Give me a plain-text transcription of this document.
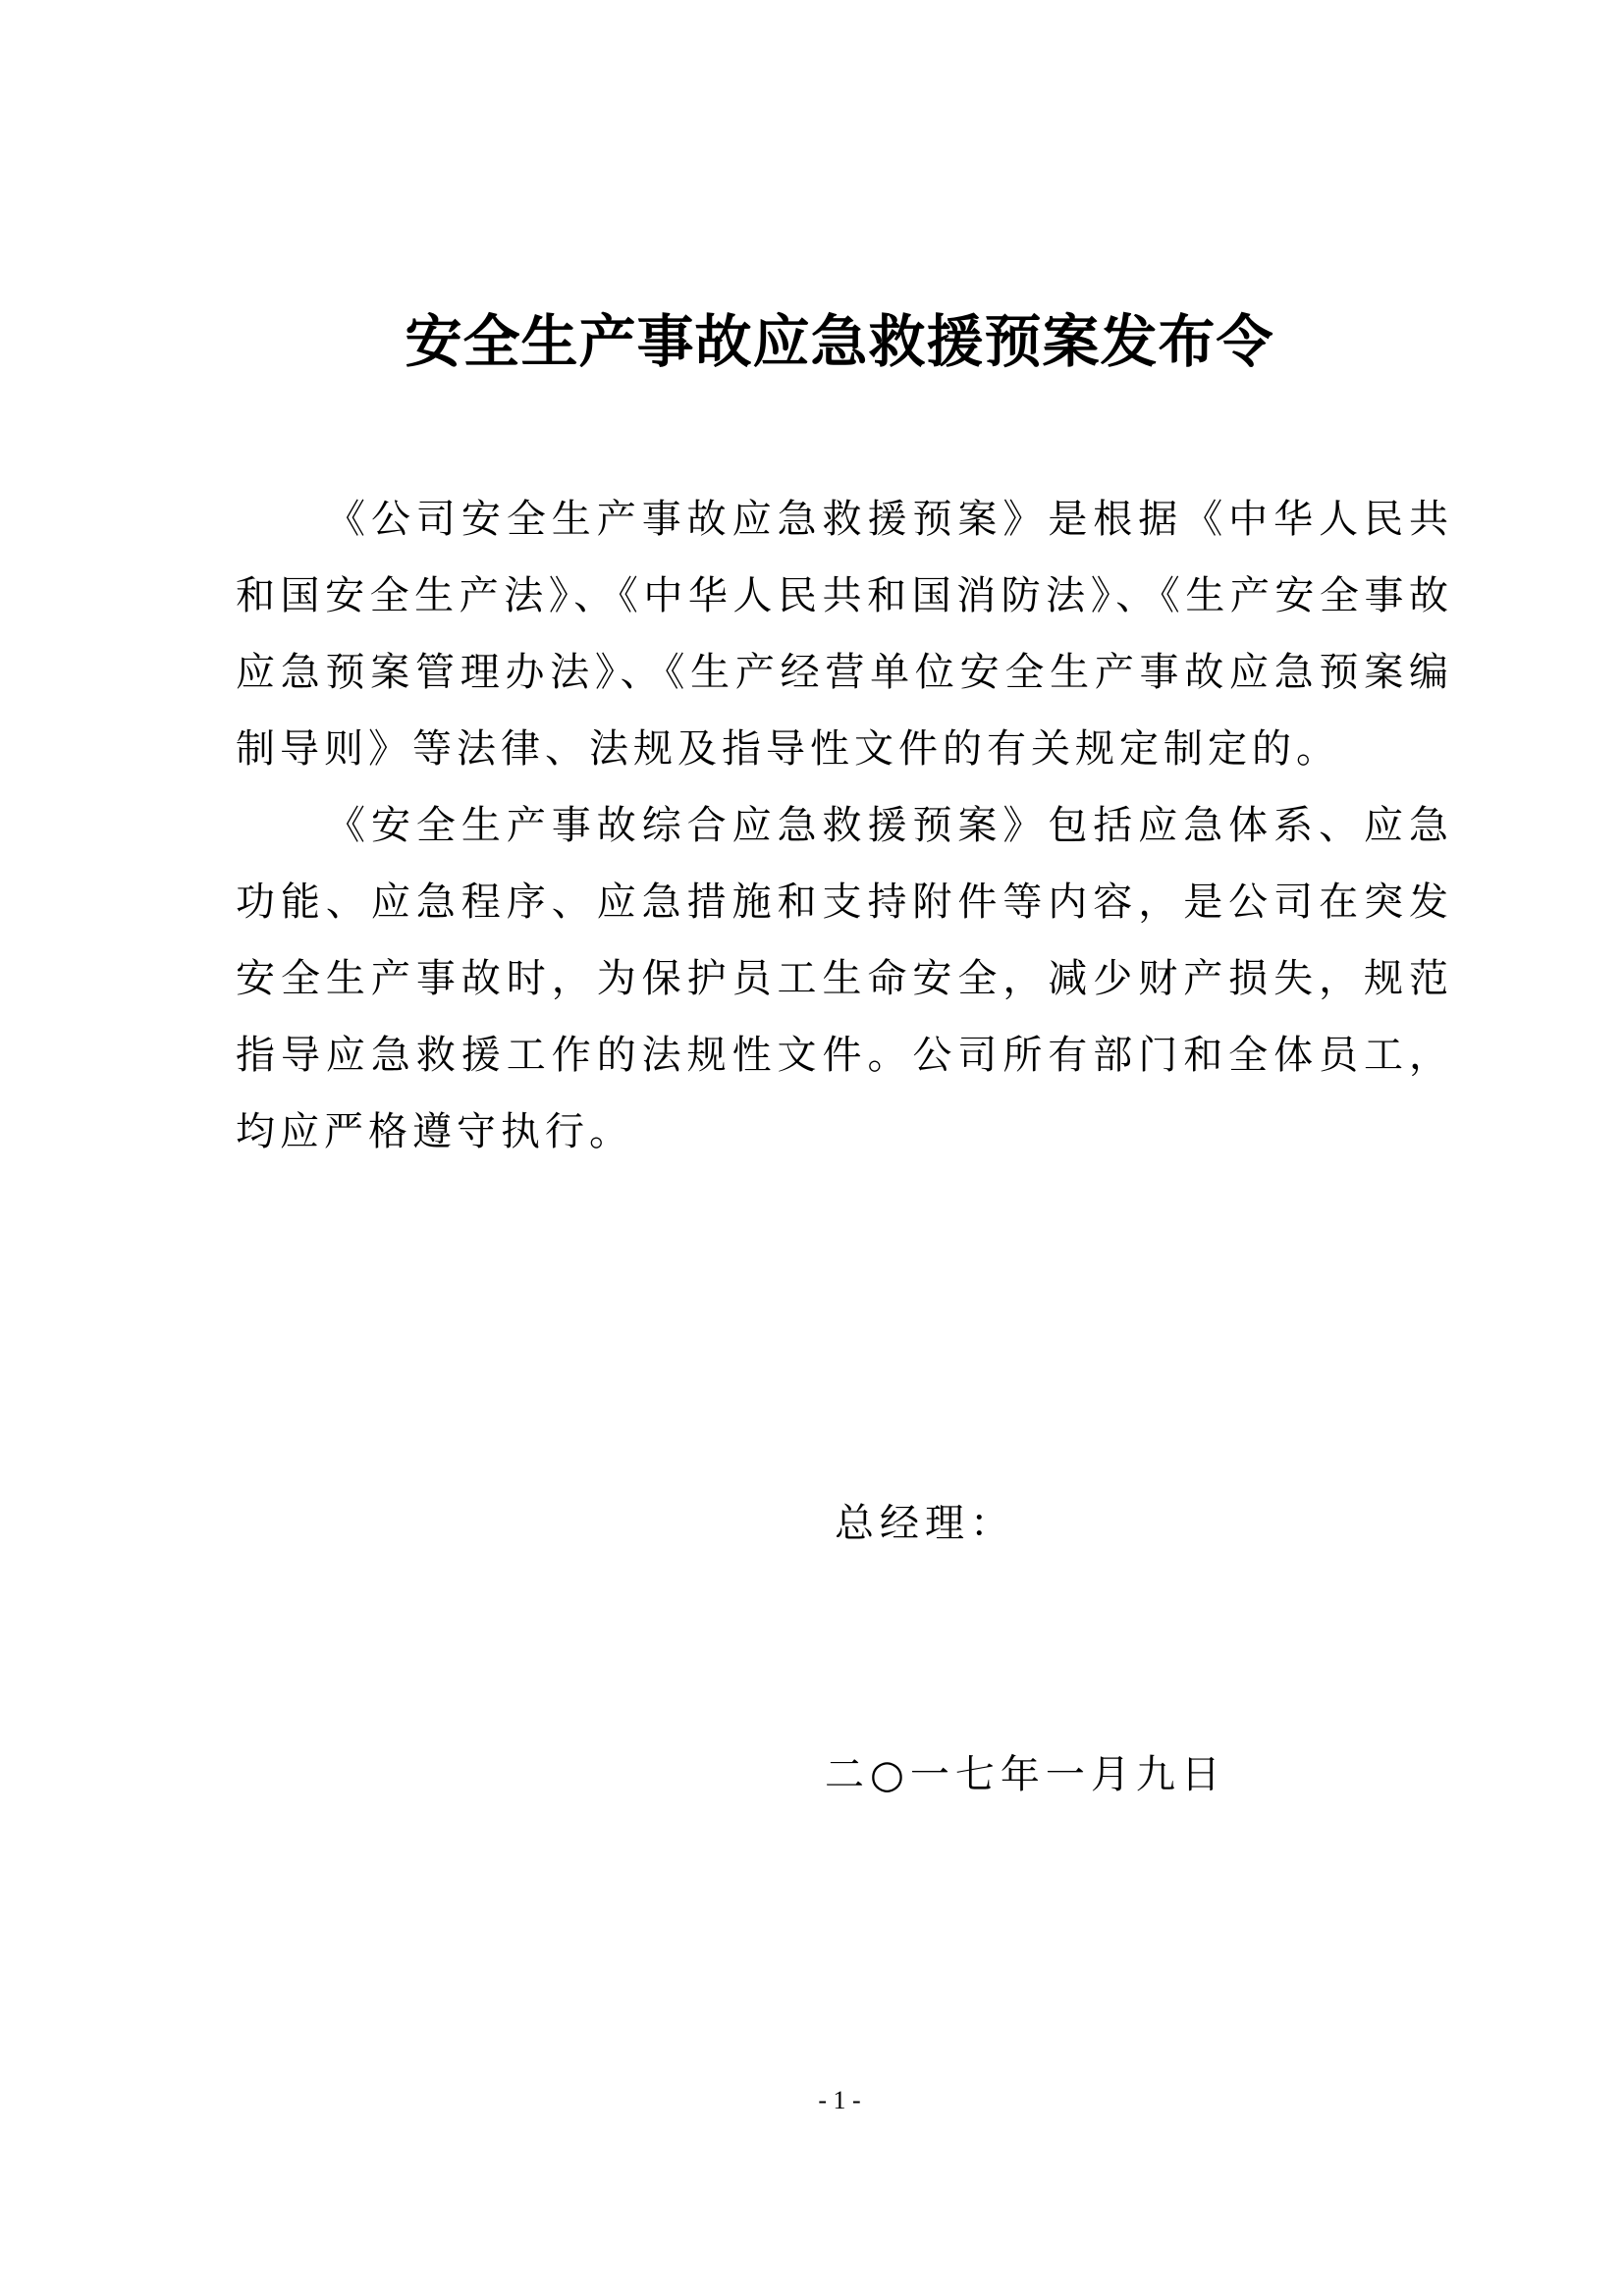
安全生产事故应急救援预案发布令

《公司安全生产事故应急救援预案》是根据《中华人民共和国安全生产法》、《中华人民共和国消防法》、《生产安全事故应急预案管理办法》、《生产经营单位安全生产事故应急预案编制导则》等法律、法规及指导性文件的有关规定制定的。

《安全生产事故综合应急救援预案》包括应急体系、应急功能、应急程序、应急措施和支持附件等内容，是公司在突发安全生产事故时，为保护员工生命安全，减少财产损失，规范指导应急救援工作的法规性文件。公司所有部门和全体员工，均应严格遵守执行。

总经理：
二○一七年一月九日
- 1 -
